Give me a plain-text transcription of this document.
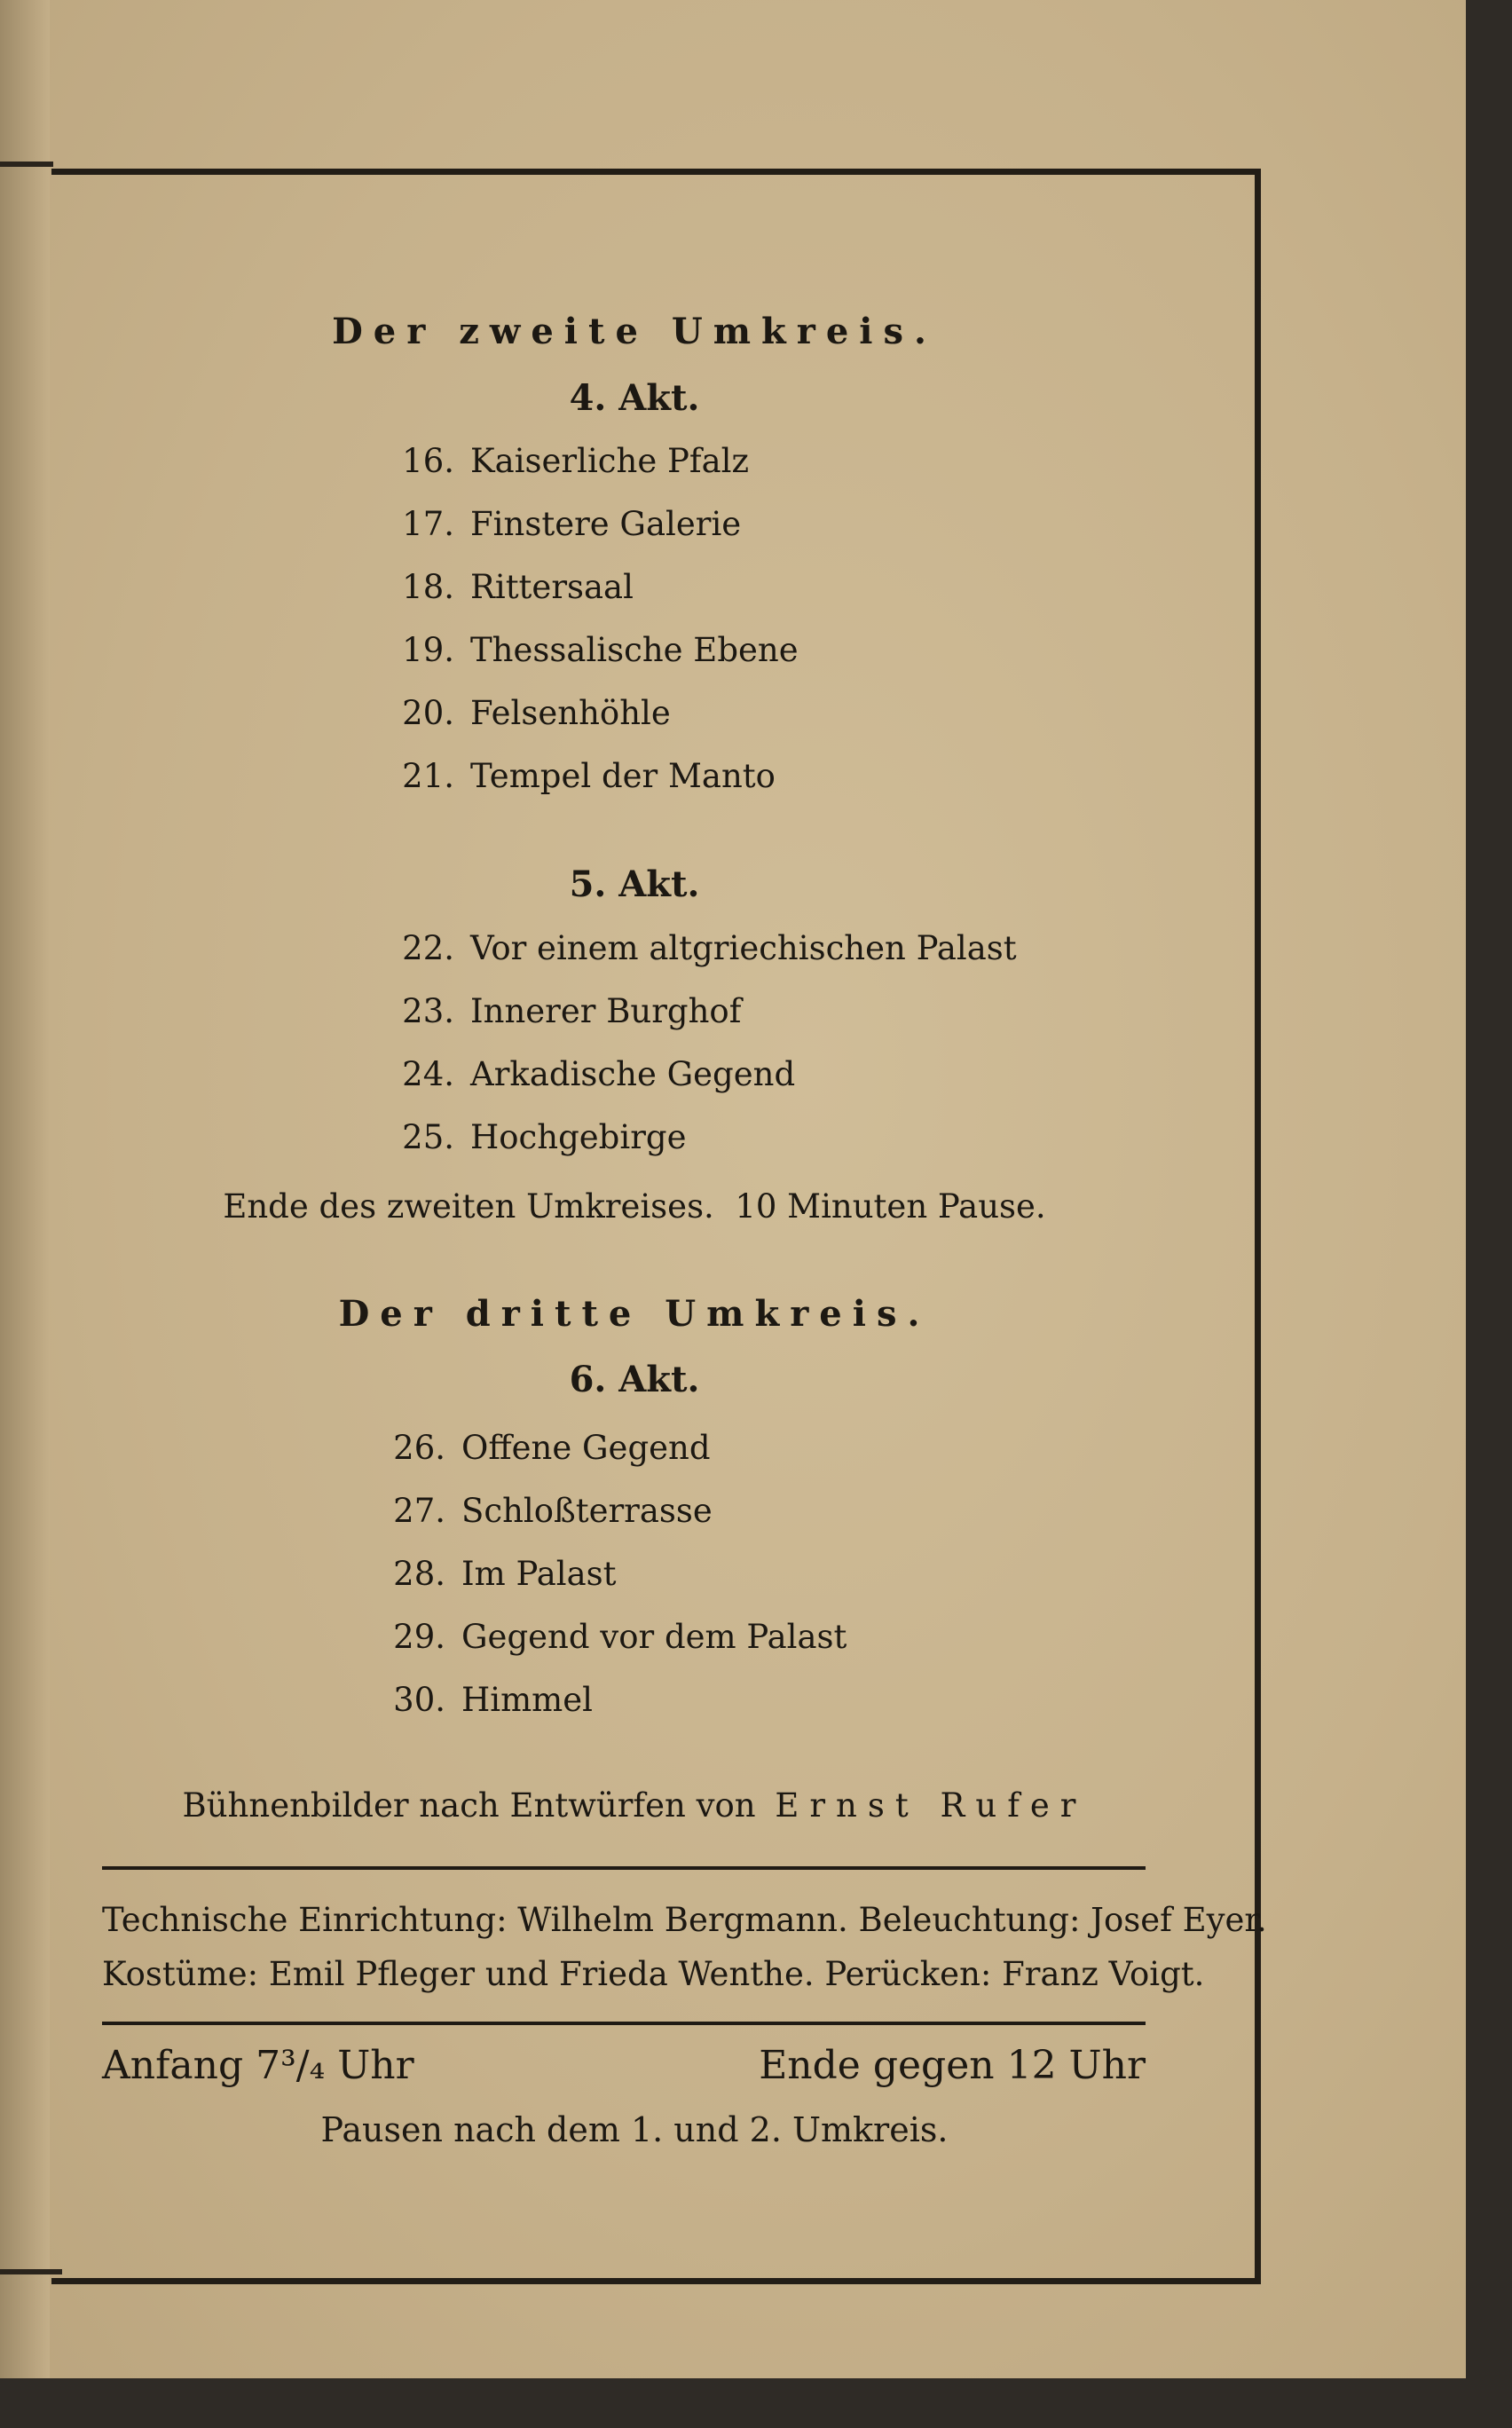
Der zweite Umkreis.
4. Akt.
16. Kaiserliche Pfalz
17. Finstere Galerie
18. Rittersaal
19. Thessalische Ebene
20. Felsenhöhle
21. Tempel der Manto
5. Akt.
22. Vor einem altgriechischen Palast
23. Innerer Burghof
24. Arkadische Gegend
25. Hochgebirge
Ende des zweiten Umkreises.  10 Minuten Pause.
Der dritte Umkreis.
6. Akt.
26. Offene Gegend
27. Schloßterrasse
28. Im Palast
29. Gegend vor dem Palast
30. Himmel
Bühnenbilder nach Entwürfen von Ernst Rufer
Technische Einrichtung: Wilhelm Bergmann. Beleuchtung: Josef Eyer.
Kostüme: Emil Pfleger und Frieda Wenthe. Perücken: Franz Voigt.
Anfang 7³/₄ Uhr	Ende gegen 12 Uhr
Pausen nach dem 1. und 2. Umkreis.
